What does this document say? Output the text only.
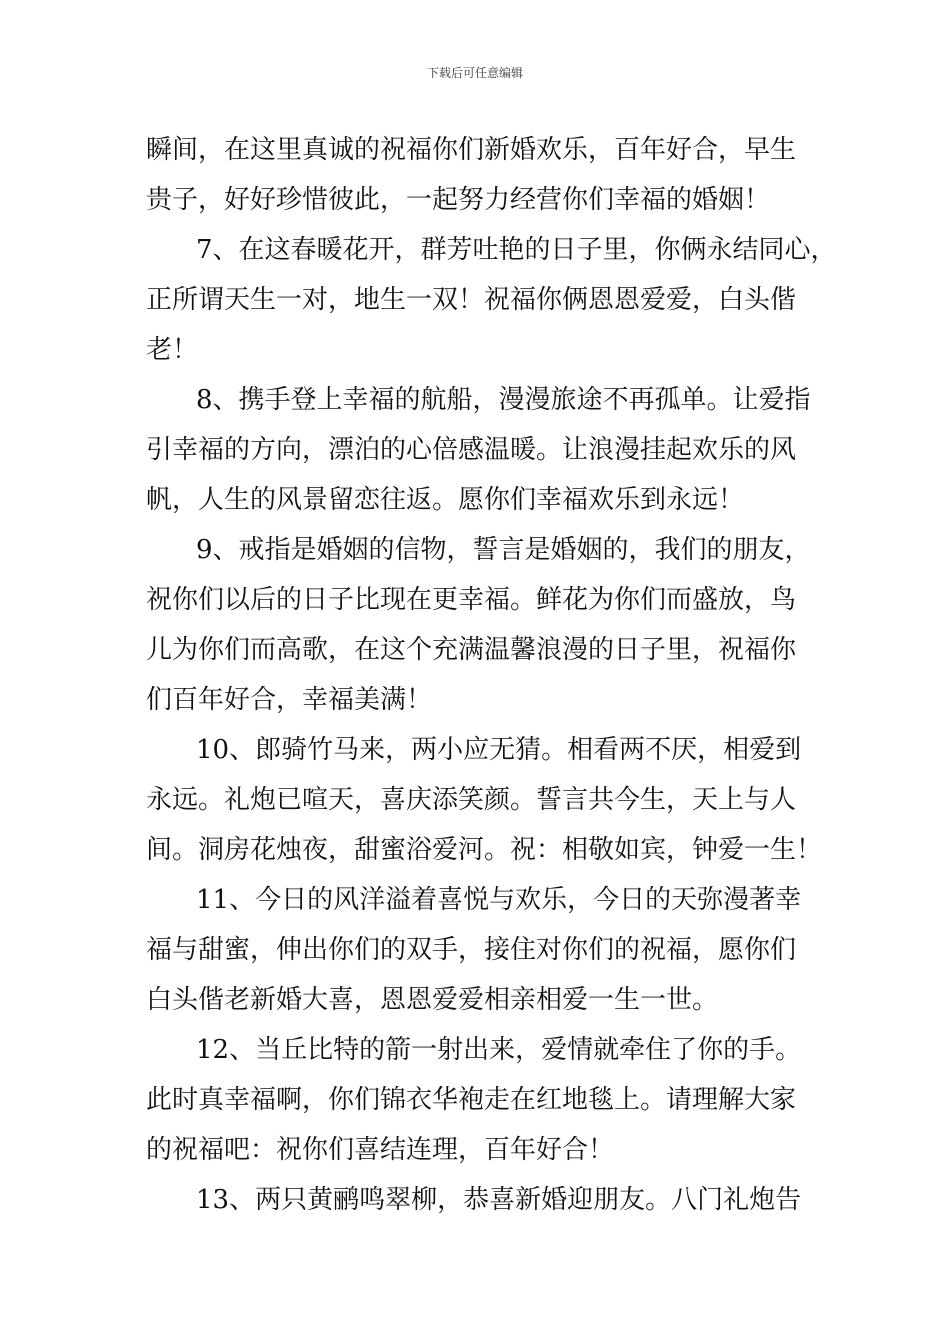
下载后可任意编辑
瞬间，在这里真诚的祝福你们新婚欢乐，百年好合，早生
贵子，好好珍惜彼此，一起努力经营你们幸福的婚姻！
7、在这春暖花开，群芳吐艳的日子里，你俩永结同心，
正所谓天生一对，地生一双！祝福你俩恩恩爱爱，白头偕
老！
8、携手登上幸福的航船，漫漫旅途不再孤单。让爱指
引幸福的方向，漂泊的心倍感温暖。让浪漫挂起欢乐的风
帆，人生的风景留恋往返。愿你们幸福欢乐到永远！
9、戒指是婚姻的信物，誓言是婚姻的，我们的朋友，
祝你们以后的日子比现在更幸福。鲜花为你们而盛放，鸟
儿为你们而高歌，在这个充满温馨浪漫的日子里，祝福你
们百年好合，幸福美满！
10、郎骑竹马来，两小应无猜。相看两不厌，相爱到
永远。礼炮已喧天，喜庆添笑颜。誓言共今生，天上与人
间。洞房花烛夜，甜蜜浴爱河。祝：相敬如宾，钟爱一生！
11、今日的风洋溢着喜悦与欢乐，今日的天弥漫著幸
福与甜蜜，伸出你们的双手，接住对你们的祝福，愿你们
白头偕老新婚大喜，恩恩爱爱相亲相爱一生一世。
12、当丘比特的箭一射出来，爱情就牵住了你的手。
此时真幸福啊，你们锦衣华袍走在红地毯上。请理解大家
的祝福吧：祝你们喜结连理，百年好合！
13、两只黄鹂鸣翠柳，恭喜新婚迎朋友。八门礼炮告
